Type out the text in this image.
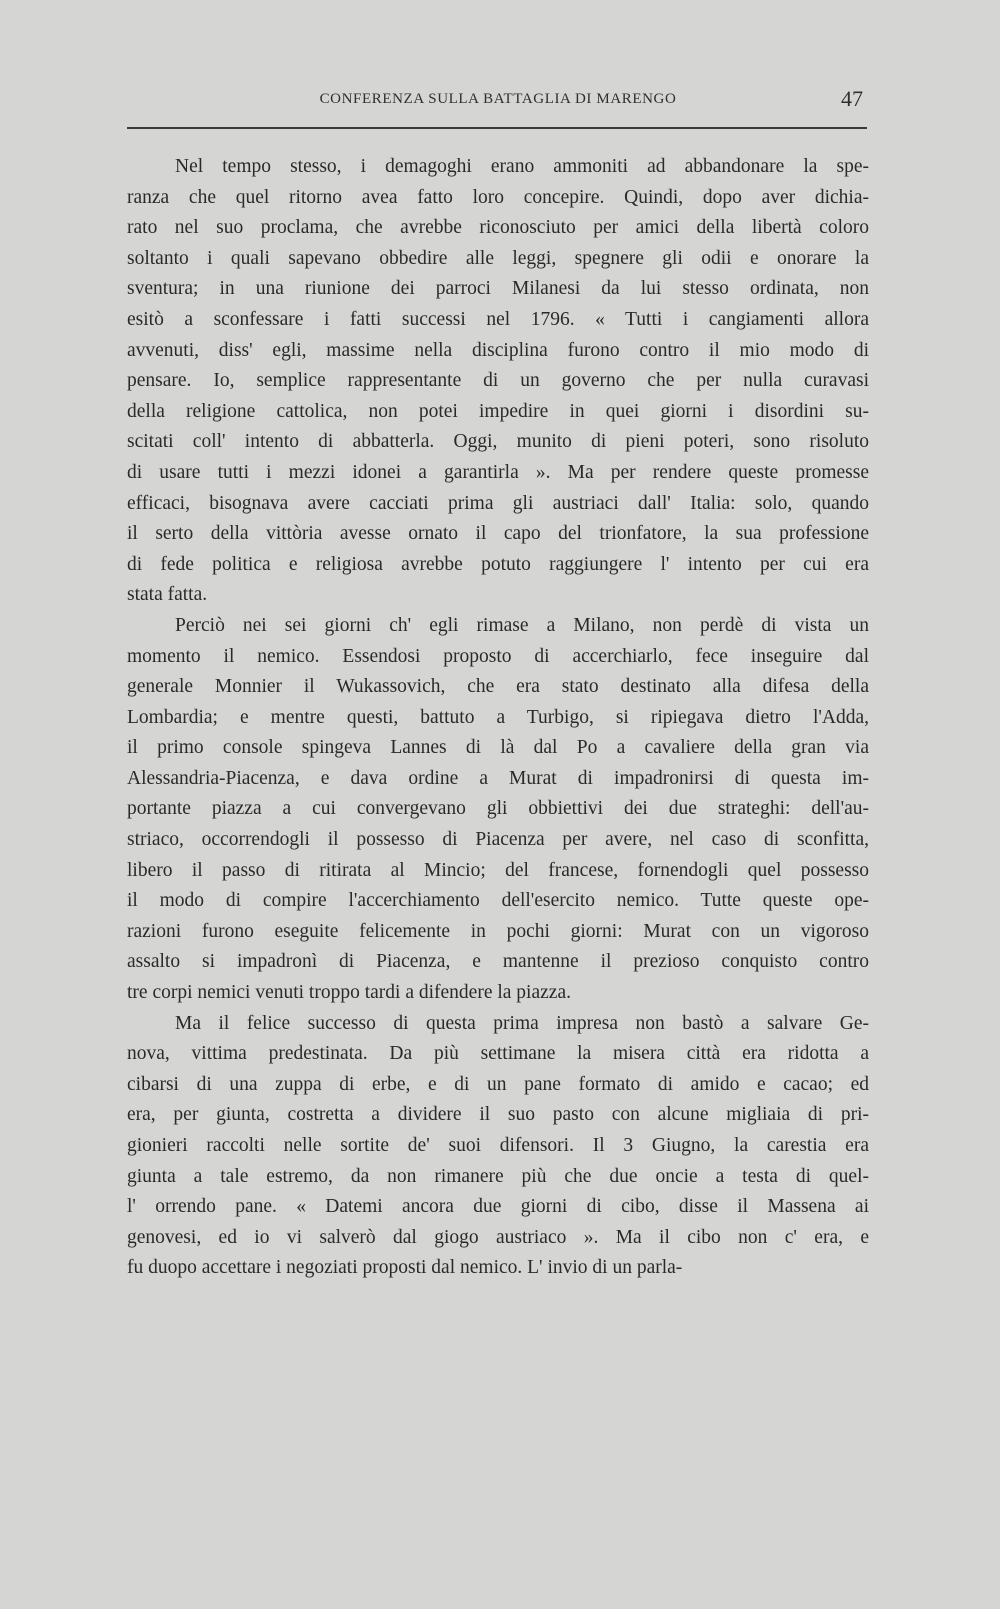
CONFERENZA SULLA BATTAGLIA DI MARENGO	47

Nel tempo stesso, i demagoghi erano ammoniti ad abbandonare la spe-
ranza che quel ritorno avea fatto loro concepire. Quindi, dopo aver dichia-
rato nel suo proclama, che avrebbe riconosciuto per amici della libertà coloro
soltanto i quali sapevano obbedire alle leggi, spegnere gli odii e onorare la
sventura; in una riunione dei parroci Milanesi da lui stesso ordinata, non
esitò a sconfessare i fatti successi nel 1796. « Tutti i cangiamenti allora
avvenuti, diss' egli, massime nella disciplina furono contro il mio modo di
pensare. Io, semplice rappresentante di un governo che per nulla curavasi
della religione cattolica, non potei impedire in quei giorni i disordini su-
scitati coll' intento di abbatterla. Oggi, munito di pieni poteri, sono risoluto
di usare tutti i mezzi idonei a garantirla ». Ma per rendere queste promesse
efficaci, bisognava avere cacciati prima gli austriaci dall' Italia: solo, quando
il serto della vittòria avesse ornato il capo del trionfatore, la sua professione
di fede politica e religiosa avrebbe potuto raggiungere l' intento per cui era
stata fatta.

Perciò nei sei giorni ch' egli rimase a Milano, non perdè di vista un
momento il nemico. Essendosi proposto di accerchiarlo, fece inseguire dal
generale Monnier il Wukassovich, che era stato destinato alla difesa della
Lombardia; e mentre questi, battuto a Turbigo, si ripiegava dietro l'Adda,
il primo console spingeva Lannes di là dal Po a cavaliere della gran via
Alessandria-Piacenza, e dava ordine a Murat di impadronirsi di questa im-
portante piazza a cui convergevano gli obbiettivi dei due strateghi: dell'au-
striaco, occorrendogli il possesso di Piacenza per avere, nel caso di sconfitta,
libero il passo di ritirata al Mincio; del francese, fornendogli quel possesso
il modo di compire l'accerchiamento dell'esercito nemico. Tutte queste ope-
razioni furono eseguite felicemente in pochi giorni: Murat con un vigoroso
assalto si impadronì di Piacenza, e mantenne il prezioso conquisto contro
tre corpi nemici venuti troppo tardi a difendere la piazza.

Ma il felice successo di questa prima impresa non bastò a salvare Ge-
nova, vittima predestinata. Da più settimane la misera città era ridotta a
cibarsi di una zuppa di erbe, e di un pane formato di amido e cacao; ed
era, per giunta, costretta a dividere il suo pasto con alcune migliaia di pri-
gionieri raccolti nelle sortite de' suoi difensori. Il 3 Giugno, la carestia era
giunta a tale estremo, da non rimanere più che due oncie a testa di quel-
l' orrendo pane. « Datemi ancora due giorni di cibo, disse il Massena ai
genovesi, ed io vi salverò dal giogo austriaco ». Ma il cibo non c' era, e
fu duopo accettare i negoziati proposti dal nemico. L' invio di un parla-
